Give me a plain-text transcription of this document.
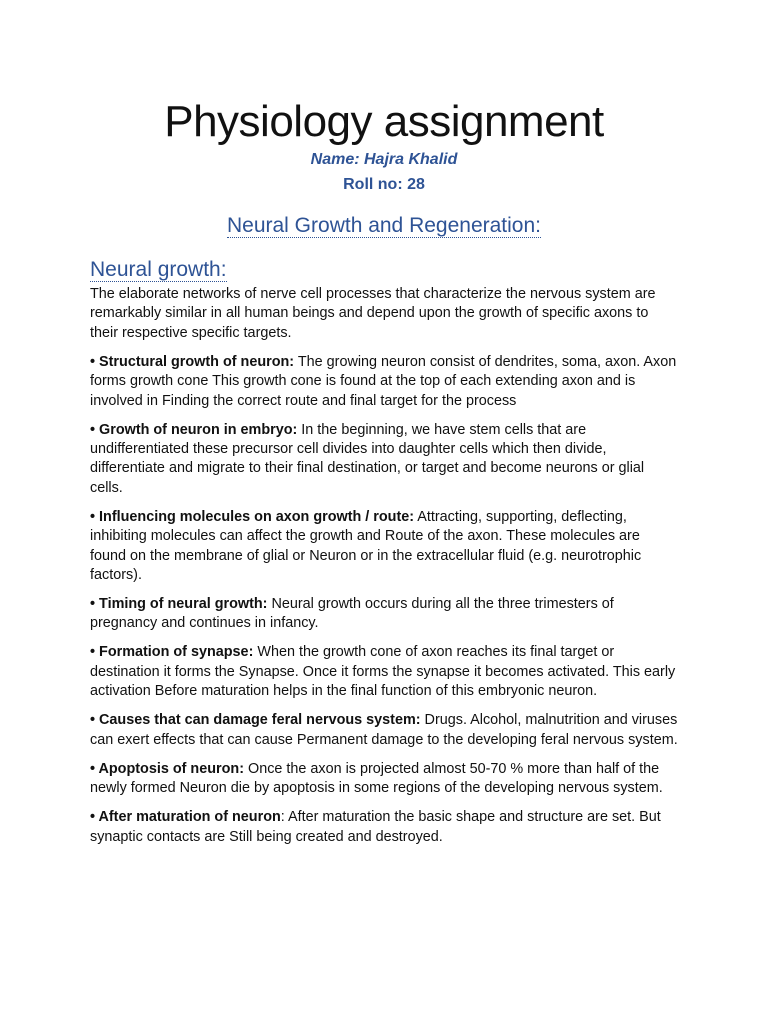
Physiology assignment
Name: Hajra Khalid
Roll no: 28
Neural Growth and Regeneration:
Neural growth:

The elaborate networks of nerve cell processes that characterize the nervous system are remarkably similar in all human beings and depend upon the growth of specific axons to their respective specific targets.

• Structural growth of neuron: The growing neuron consist of dendrites, soma, axon. Axon forms growth cone This growth cone is found at the top of each extending axon and is involved in Finding the correct route and final target for the process

• Growth of neuron in embryo: In the beginning, we have stem cells that are undifferentiated these precursor cell divides into daughter cells which then divide, differentiate and migrate to their final destination, or target and become neurons or glial cells.

• Influencing molecules on axon growth / route: Attracting, supporting, deflecting, inhibiting molecules can affect the growth and Route of the axon. These molecules are found on the membrane of glial or Neuron or in the extracellular fluid (e.g. neurotrophic factors).

• Timing of neural growth: Neural growth occurs during all the three trimesters of pregnancy and continues in infancy.

• Formation of synapse: When the growth cone of axon reaches its final target or destination it forms the Synapse. Once it forms the synapse it becomes activated. This early activation Before maturation helps in the final function of this embryonic neuron.

• Causes that can damage feral nervous system: Drugs. Alcohol, malnutrition and viruses can exert effects that can cause Permanent damage to the developing feral nervous system.

• Apoptosis of neuron: Once the axon is projected almost 50-70 % more than half of the newly formed Neuron die by apoptosis in some regions of the developing nervous system.

• After maturation of neuron: After maturation the basic shape and structure are set. But synaptic contacts are Still being created and destroyed.
